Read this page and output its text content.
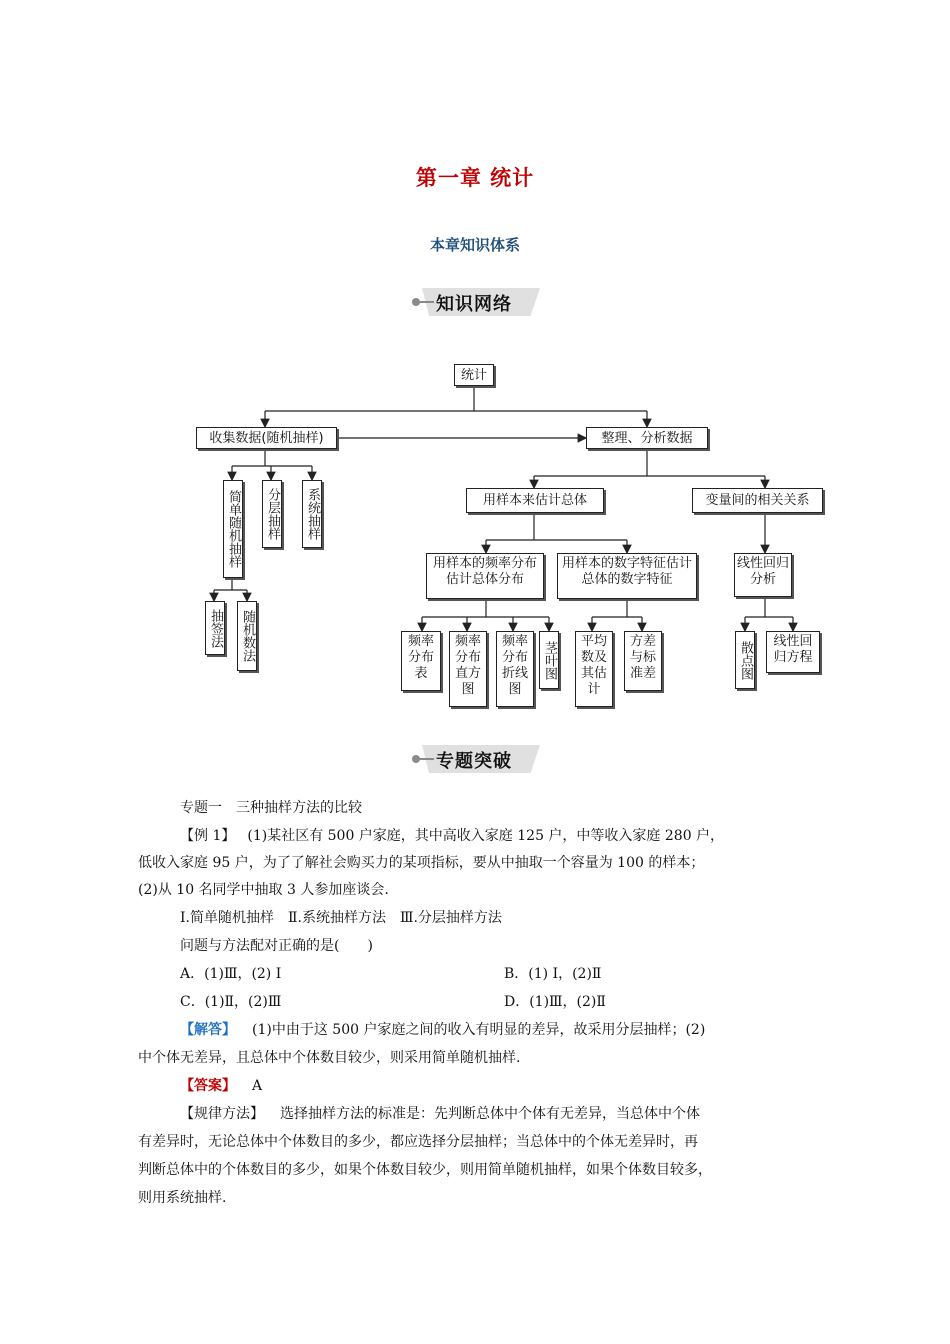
第一章 统计
本章知识体系
知识网络
统计
收集数据(随机抽样)	整理、分析数据
简单随机抽样 分层抽样 系统抽样
抽签法 随机数法
用样本来估计总体	变量间的相关关系
用样本的频率分布估计总体分布
用样本的数字特征估计总体的数字特征
线性回归分析
频率分布表
频率分布直方图
频率分布折线图
茎叶图	平均数及其估计
方差与标准差	散点图	线性回归方程
专题突破
专题一　三种抽样方法的比较
【例 1】 (1)某社区有 500 户家庭，其中高收入家庭 125 户，中等收入家庭 280 户，
低收入家庭 95 户，为了了解社会购买力的某项指标，要从中抽取一个容量为 100 的样本；
(2)从 10 名同学中抽取 3 人参加座谈会.
Ⅰ.简单随机抽样　Ⅱ.系统抽样方法　Ⅲ.分层抽样方法
问题与方法配对正确的是(　　)
A．(1)Ⅲ，(2) Ⅰ	B．(1) Ⅰ，(2)Ⅱ
C．(1)Ⅱ，(2)Ⅲ	D．(1)Ⅲ，(2)Ⅱ
【解答】 (1)中由于这 500 户家庭之间的收入有明显的差异，故采用分层抽样；(2)
中个体无差异，且总体中个体数目较少，则采用简单随机抽样.
【答案】 A
【规律方法】 选择抽样方法的标准是：先判断总体中个体有无差异，当总体中个体
有差异时，无论总体中个体数目的多少，都应选择分层抽样；当总体中的个体无差异时，再
判断总体中的个体数目的多少，如果个体数目较少，则用简单随机抽样，如果个体数目较多，
则用系统抽样.
